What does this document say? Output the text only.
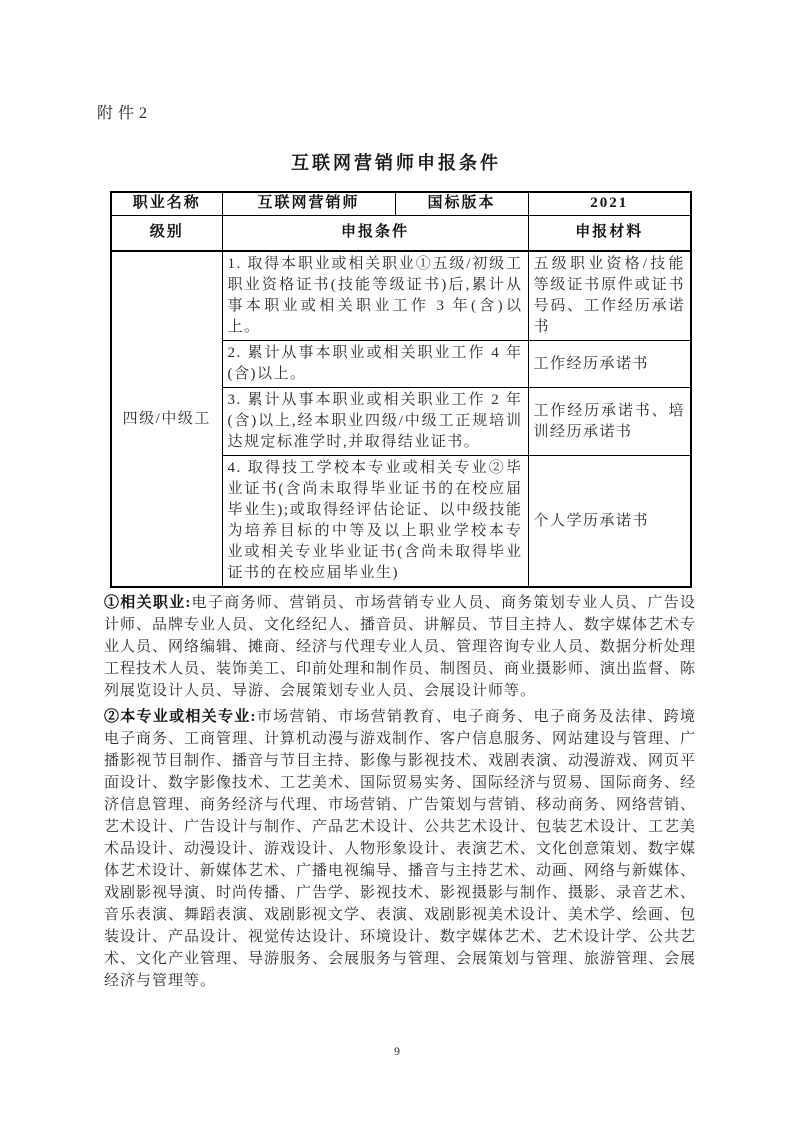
附件2
互联网营销师申报条件
职业名称	互联网营销师	国标版本	2021
级别	申报条件		申报材料
四级/中级工	1. 取得本职业或相关职业①五级/初级工职业资格证书(技能等级证书)后,累计从事本职业或相关职业工作 3 年(含)以上。		五级职业资格/技能等级证书原件或证书号码、工作经历承诺书
	2. 累计从事本职业或相关职业工作 4 年(含)以上。		工作经历承诺书
	3. 累计从事本职业或相关职业工作 2 年(含)以上,经本职业四级/中级工正规培训达规定标准学时,并取得结业证书。		工作经历承诺书、培训经历承诺书
	4. 取得技工学校本专业或相关专业②毕业证书(含尚未取得毕业证书的在校应届毕业生);或取得经评估论证、以中级技能为培养目标的中等及以上职业学校本专业或相关专业毕业证书(含尚未取得毕业证书的在校应届毕业生)		个人学历承诺书

①相关职业:电子商务师、营销员、市场营销专业人员、商务策划专业人员、广告设计师、品牌专业人员、文化经纪人、播音员、讲解员、节目主持人、数字媒体艺术专业人员、网络编辑、摊商、经济与代理专业人员、管理咨询专业人员、数据分析处理工程技术人员、装饰美工、印前处理和制作员、制图员、商业摄影师、演出监督、陈列展览设计人员、导游、会展策划专业人员、会展设计师等。

②本专业或相关专业:市场营销、市场营销教育、电子商务、电子商务及法律、跨境电子商务、工商管理、计算机动漫与游戏制作、客户信息服务、网站建设与管理、广播影视节目制作、播音与节目主持、影像与影视技术、戏剧表演、动漫游戏、网页平面设计、数字影像技术、工艺美术、国际贸易实务、国际经济与贸易、国际商务、经济信息管理、商务经济与代理、市场营销、广告策划与营销、移动商务、网络营销、艺术设计、广告设计与制作、产品艺术设计、公共艺术设计、包装艺术设计、工艺美术品设计、动漫设计、游戏设计、人物形象设计、表演艺术、文化创意策划、数字媒体艺术设计、新媒体艺术、广播电视编导、播音与主持艺术、动画、网络与新媒体、戏剧影视导演、时尚传播、广告学、影视技术、影视摄影与制作、摄影、录音艺术、音乐表演、舞蹈表演、戏剧影视文学、表演、戏剧影视美术设计、美术学、绘画、包装设计、产品设计、视觉传达设计、环境设计、数字媒体艺术、艺术设计学、公共艺术、文化产业管理、导游服务、会展服务与管理、会展策划与管理、旅游管理、会展经济与管理等。

9
